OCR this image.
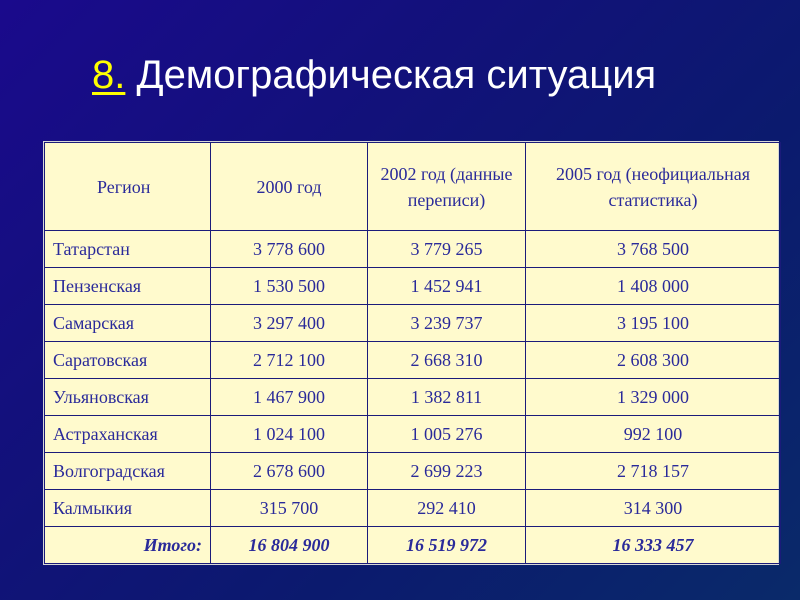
8. Демографическая ситуация
Регион	2000 год	2002 год (данные переписи)	2005 год (неофициальная статистика)
Татарстан	3 778 600	3 779 265	3 768 500
Пензенская	1 530 500	1 452 941	1 408 000
Самарская	3 297 400	3 239 737	3 195 100
Саратовская	2 712 100	2 668 310	2 608 300
Ульяновская	1 467 900	1 382 811	1 329 000
Астраханская	1 024 100	1 005 276	992 100
Волгоградская	2 678 600	2 699 223	2 718 157
Калмыкия	315 700	292 410	314 300
Итого:	16 804 900	16 519 972	16 333 457
